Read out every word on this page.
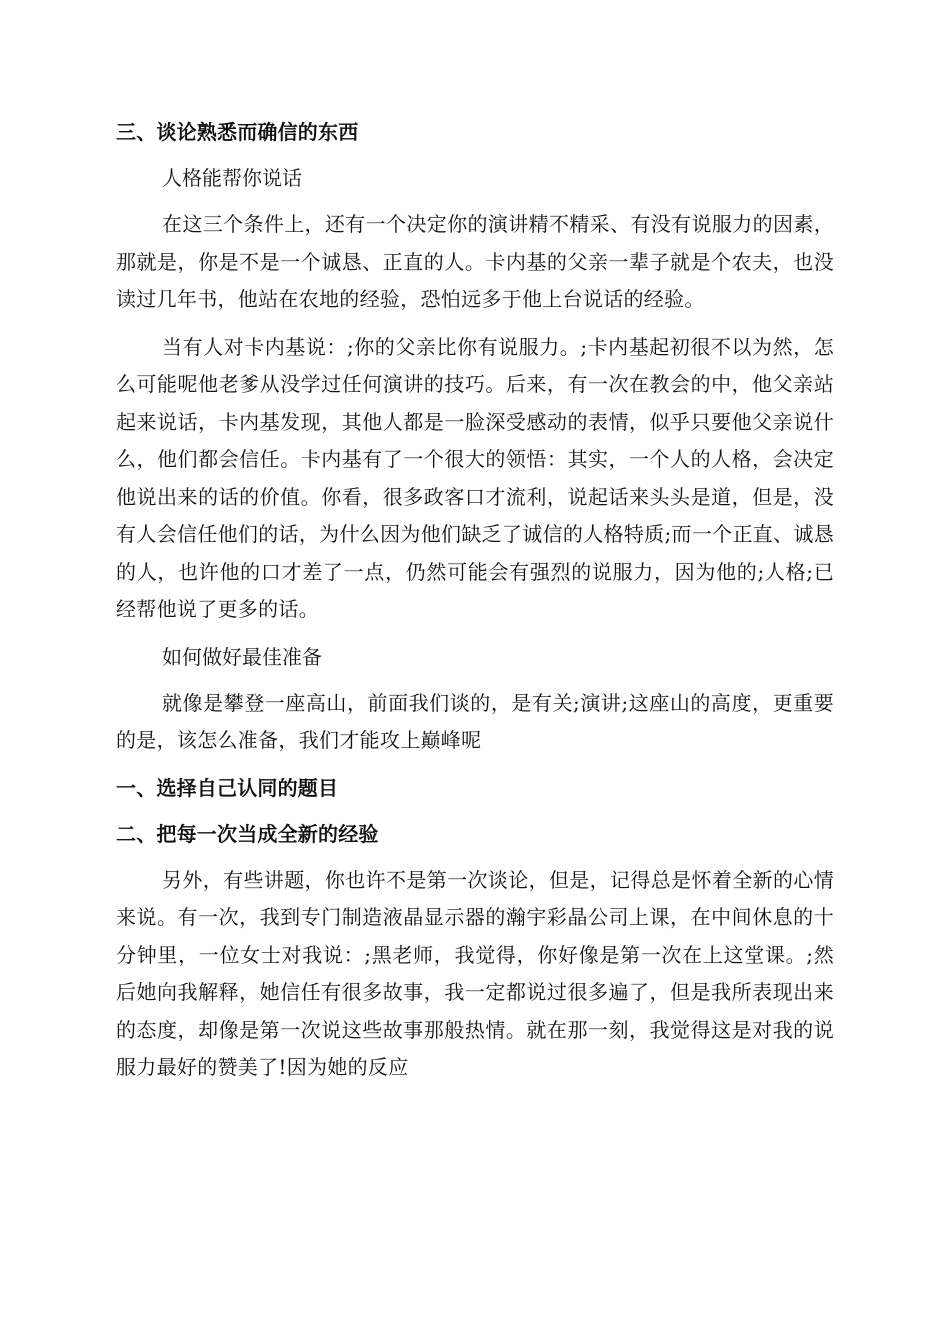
三、谈论熟悉而确信的东西
人格能帮你说话

在这三个条件上，还有一个决定你的演讲精不精采、有没有说服力的因素，那就是，你是不是一个诚恳、正直的人。卡内基的父亲一辈子就是个农夫，也没读过几年书，他站在农地的经验，恐怕远多于他上台说话的经验。

当有人对卡内基说：;你的父亲比你有说服力。;卡内基起初很不以为然，怎么可能呢他老爹从没学过任何演讲的技巧。后来，有一次在教会的中，他父亲站起来说话，卡内基发现，其他人都是一脸深受感动的表情，似乎只要他父亲说什么，他们都会信任。卡内基有了一个很大的领悟：其实，一个人的人格，会决定他说出来的话的价值。你看，很多政客口才流利，说起话来头头是道，但是，没有人会信任他们的话，为什么因为他们缺乏了诚信的人格特质;而一个正直、诚恳的人，也许他的口才差了一点，仍然可能会有强烈的说服力，因为他的;人格;已经帮他说了更多的话。

如何做好最佳准备

就像是攀登一座高山，前面我们谈的，是有关;演讲;这座山的高度，更重要的是，该怎么准备，我们才能攻上巅峰呢

一、选择自己认同的题目
二、把每一次当成全新的经验

另外，有些讲题，你也许不是第一次谈论，但是，记得总是怀着全新的心情来说。有一次，我到专门制造液晶显示器的瀚宇彩晶公司上课，在中间休息的十分钟里，一位女士对我说：;黑老师，我觉得，你好像是第一次在上这堂课。;然后她向我解释，她信任有很多故事，我一定都说过很多遍了，但是我所表现出来的态度，却像是第一次说这些故事那般热情。就在那一刻，我觉得这是对我的说服力最好的赞美了!因为她的反应
